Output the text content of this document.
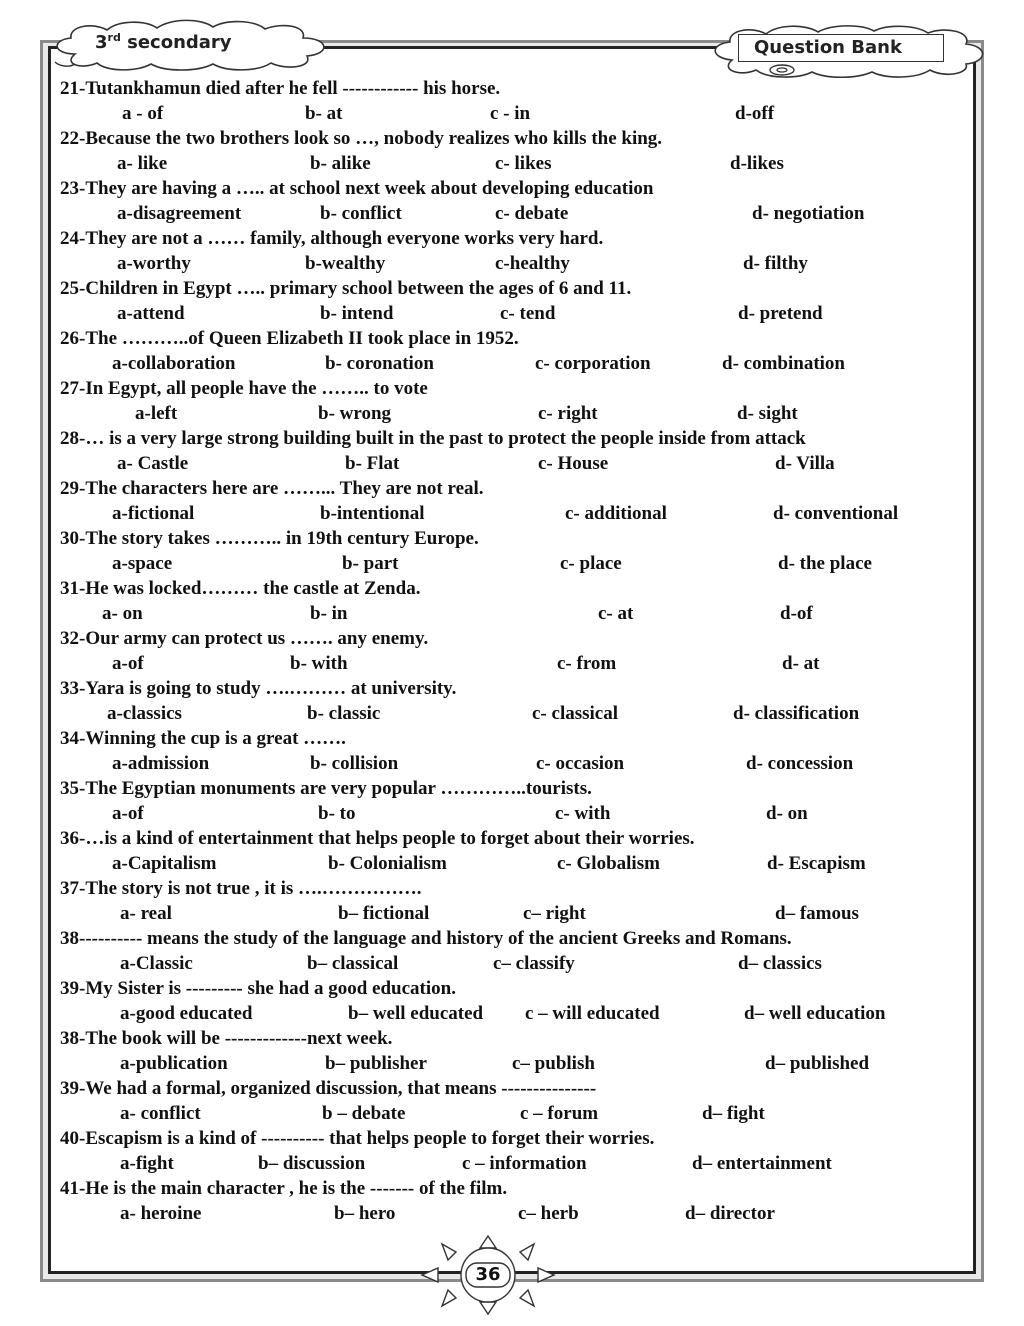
3rd secondary	Question Bank
21-Tutankhamun died after he fell ------------ his horse.
a - of	b- at	c - in	d-off
22-Because the two brothers look so …, nobody realizes who kills the king.
a- like	b- alike	c- likes	d-likes
23-They are having a ….. at school next week about developing education
a-disagreement	b- conflict	c- debate	d- negotiation
24-They are not a …… family, although everyone works very hard.
a-worthy	b-wealthy	c-healthy	d- filthy
25-Children in Egypt ….. primary school between the ages of 6 and 11.
a-attend	b- intend	c- tend	d- pretend
26-The ………..of Queen Elizabeth II took place in 1952.
a-collaboration	b- coronation	c- corporation	d- combination
27-In Egypt, all people have the …….. to vote
a-left	b- wrong	c- right	d- sight
28-… is a very large strong building built in the past to protect the people inside from attack
a- Castle	b- Flat	c- House	d- Villa
29-The characters here are ……... They are not real.
a-fictional	b-intentional	c- additional	d- conventional
30-The story takes ……….. in 19th century Europe.
a-space	b- part	c- place	d- the place
31-He was locked……… the castle at Zenda.
a- on	b- in	c- at	d-of
32-Our army can protect us ……. any enemy.
a-of	b- with	c- from	d- at
33-Yara is going to study ….……… at university.
a-classics	b- classic	c- classical	d- classification
34-Winning the cup is a great …….
a-admission	b- collision	c- occasion	d- concession
35-The Egyptian monuments are very popular …………..tourists.
a-of	b- to	c- with	d- on
36-…is a kind of entertainment that helps people to forget about their worries.
a-Capitalism	b- Colonialism	c- Globalism	d- Escapism
37-The story is not true , it is ….…………….
a- real	b– fictional	c– right	d– famous
38---------- means the study of the language and history of the ancient Greeks and Romans.
a-Classic	b– classical	c– classify	d– classics
39-My Sister is --------- she had a good education.
a-good educated	b– well educated c – will educated	d– well education
38-The book will be -------------next week.
a-publication	b– publisher	c– publish	d– published
39-We had a formal, organized discussion, that means ---------------
a- conflict	b – debate	c – forum	d– fight
40-Escapism is a kind of ---------- that helps people to forget their worries.
a-fight	b– discussion	c – information	d– entertainment
41-He is the main character , he is the ------- of the film.
a- heroine	b– hero	c– herb	d– director
36
